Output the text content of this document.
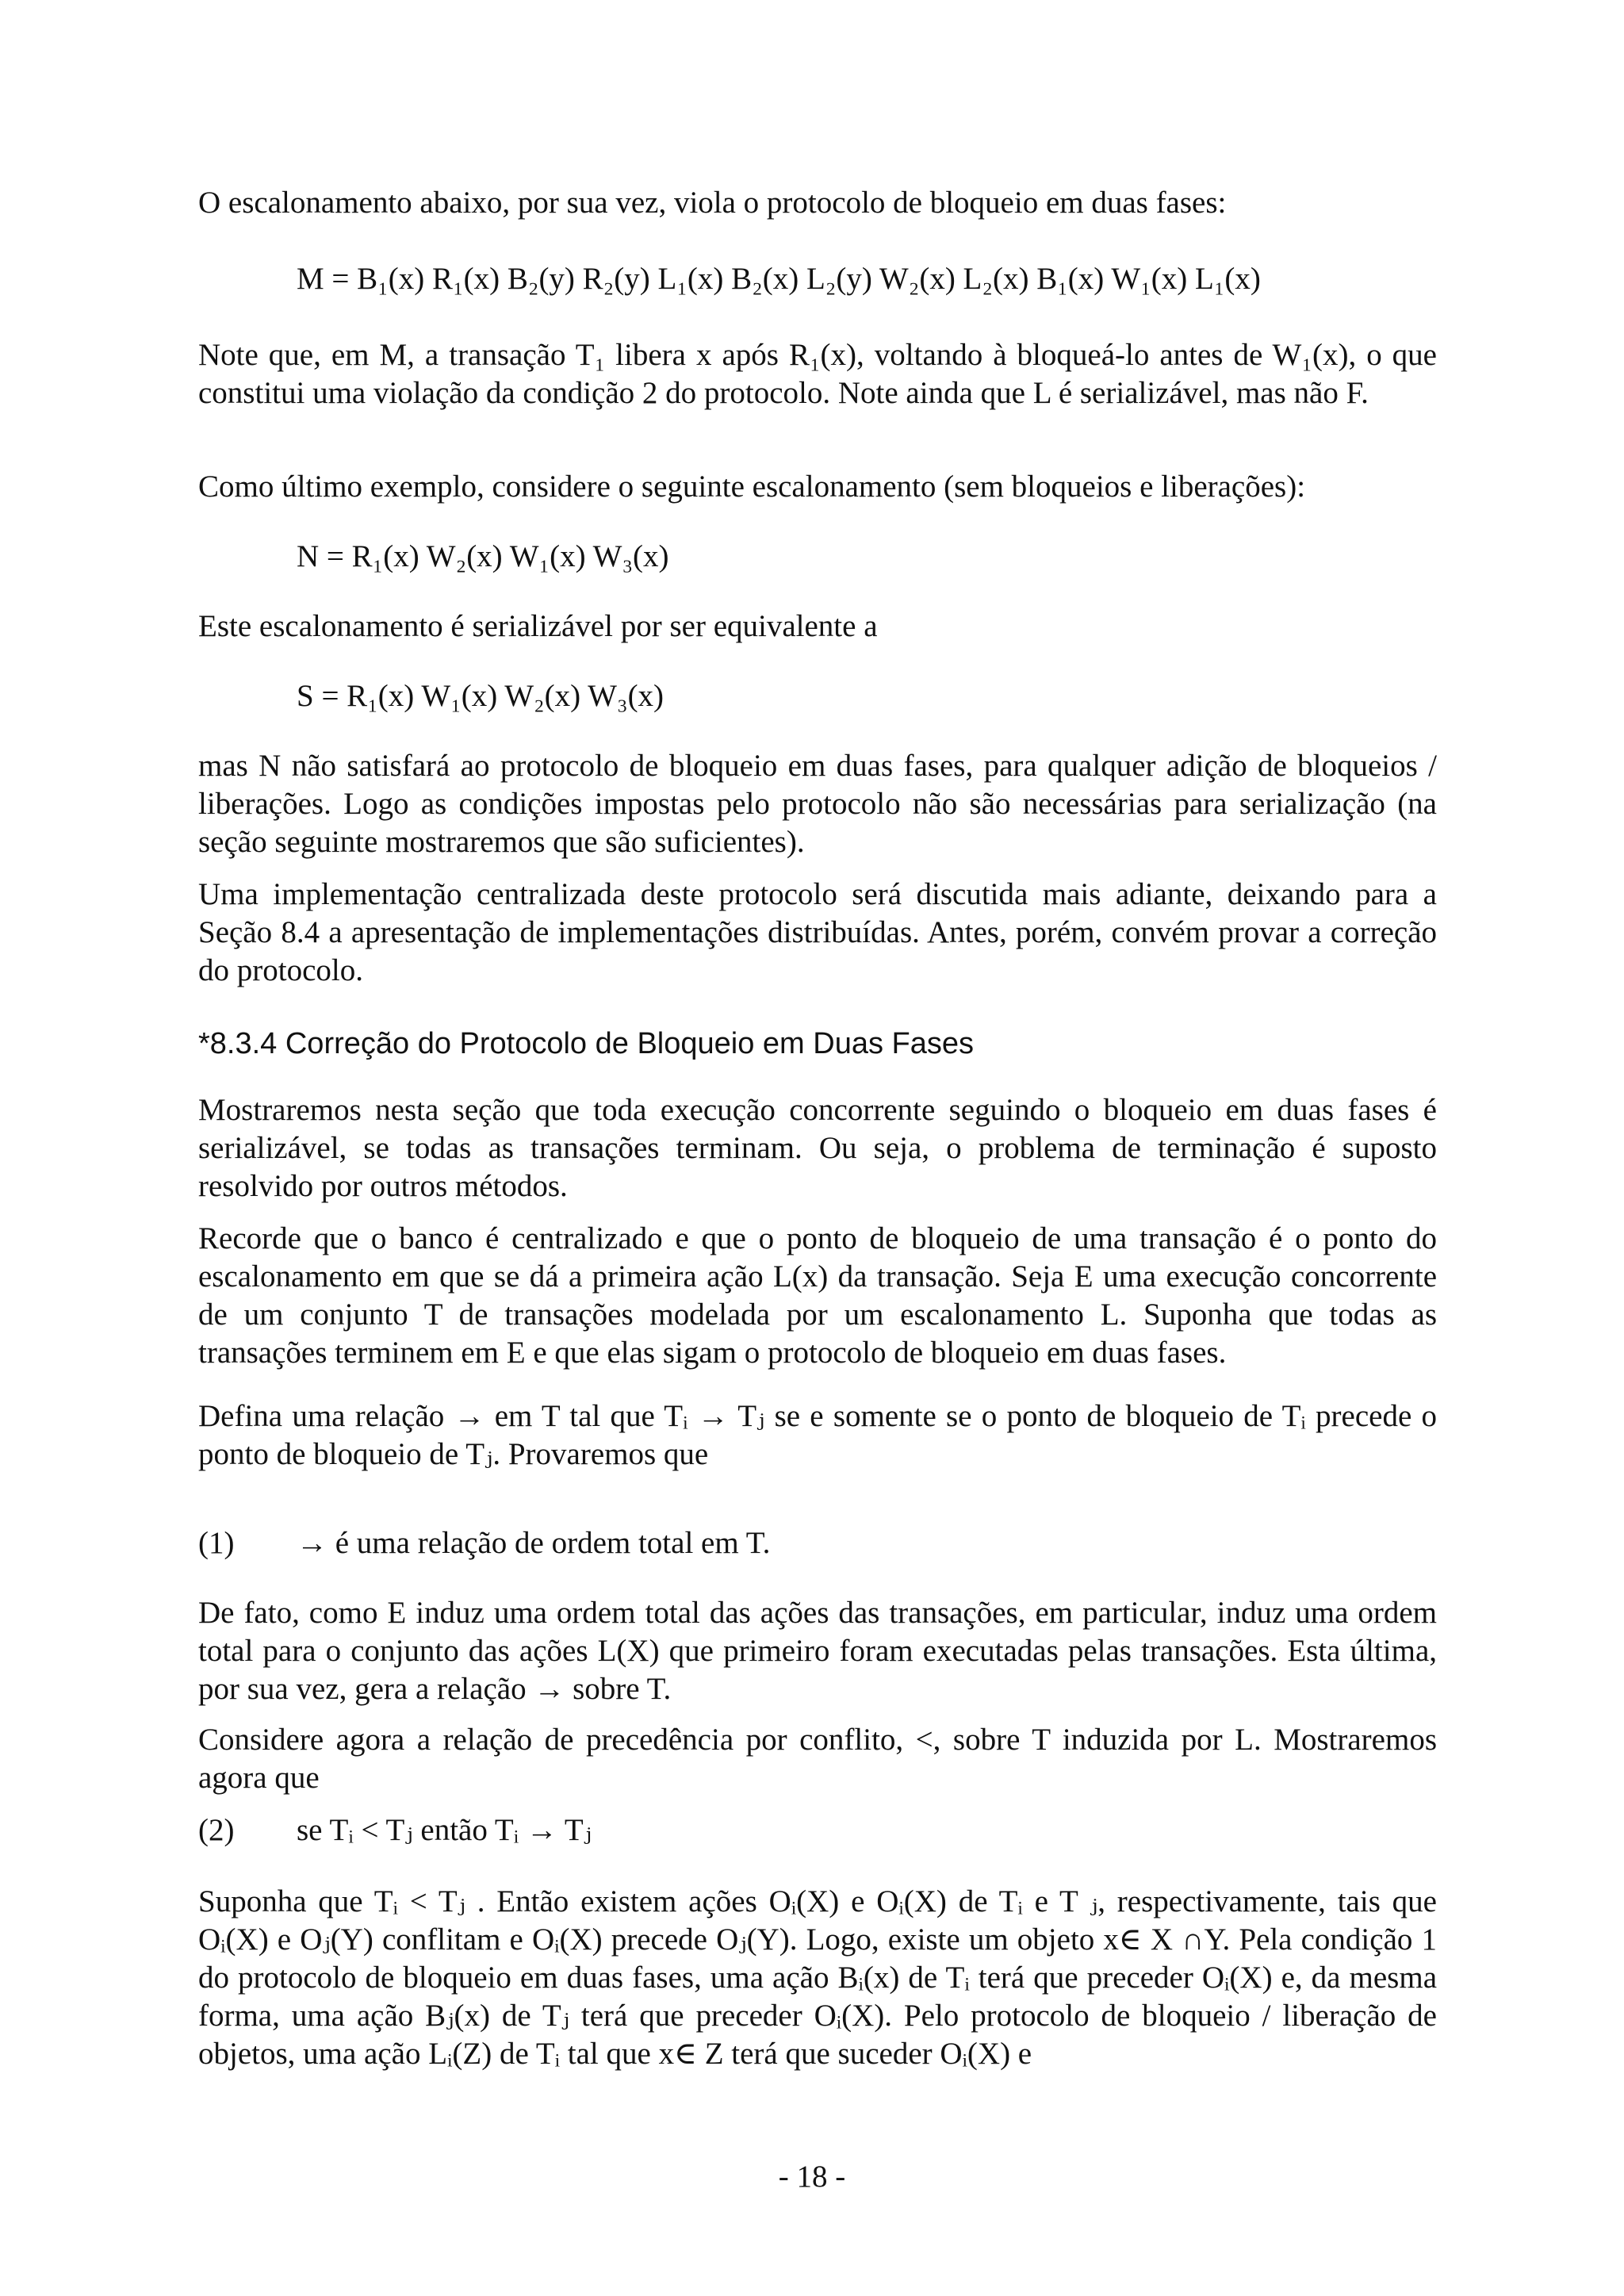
O escalonamento abaixo, por sua vez, viola o protocolo de bloqueio em duas fases:

M = B₁(x) R₁(x) B₂(y) R₂(y) L₁(x) B₂(x) L₂(y) W₂(x) L₂(x) B₁(x) W₁(x) L₁(x)

Note que, em M, a transação T₁ libera x após R₁(x), voltando à bloqueá-lo antes de W₁(x), o que constitui uma violação da condição 2 do protocolo. Note ainda que L é serializável, mas não F.

Como último exemplo, considere o seguinte escalonamento (sem bloqueios e liberações):

N = R₁(x) W₂(x) W₁(x) W₃(x)

Este escalonamento é serializável por ser equivalente a

S = R₁(x) W₁(x) W₂(x) W₃(x)

mas N não satisfará ao protocolo de bloqueio em duas fases, para qualquer adição de bloqueios / liberações. Logo as condições impostas pelo protocolo não são necessárias para serialização (na seção seguinte mostraremos que são suficientes).

Uma implementação centralizada deste protocolo será discutida mais adiante, deixando para a Seção 8.4 a apresentação de implementações distribuídas. Antes, porém, convém provar a correção do protocolo.

*8.3.4 Correção do Protocolo de Bloqueio em Duas Fases

Mostraremos nesta seção que toda execução concorrente seguindo o bloqueio em duas fases é serializável, se todas as transações terminam. Ou seja, o problema de terminação é suposto resolvido por outros métodos.

Recorde que o banco é centralizado e que o ponto de bloqueio de uma transação é o ponto do escalonamento em que se dá a primeira ação L(x) da transação. Seja E uma execução concorrente de um conjunto T de transações modelada por um escalonamento L. Suponha que todas as transações terminem em E e que elas sigam o protocolo de bloqueio em duas fases.

Defina uma relação → em T tal que Tᵢ → Tⱼ se e somente se o ponto de bloqueio de Tᵢ precede o ponto de bloqueio de Tⱼ. Provaremos que

(1) → é uma relação de ordem total em T.

De fato, como E induz uma ordem total das ações das transações, em particular, induz uma ordem total para o conjunto das ações L(X) que primeiro foram executadas pelas transações. Esta última, por sua vez, gera a relação → sobre T.

Considere agora a relação de precedência por conflito, <, sobre T induzida por L. Mostraremos agora que

(2) se Tᵢ < Tⱼ então Tᵢ → Tⱼ

Suponha que Tᵢ < Tⱼ . Então existem ações Oᵢ(X) e Oᵢ(X) de Tᵢ e T ⱼ, respectivamente, tais que Oᵢ(X) e Oⱼ(Y) conflitam e Oᵢ(X) precede Oⱼ(Y). Logo, existe um objeto x∈ X ∩Y. Pela condição 1 do protocolo de bloqueio em duas fases, uma ação Bᵢ(x) de Tᵢ terá que preceder Oᵢ(X) e, da mesma forma, uma ação Bⱼ(x) de Tⱼ terá que preceder Oᵢ(X). Pelo protocolo de bloqueio / liberação de objetos, uma ação Lᵢ(Z) de Tᵢ tal que x∈ Z terá que suceder Oᵢ(X) e

- 18 -
